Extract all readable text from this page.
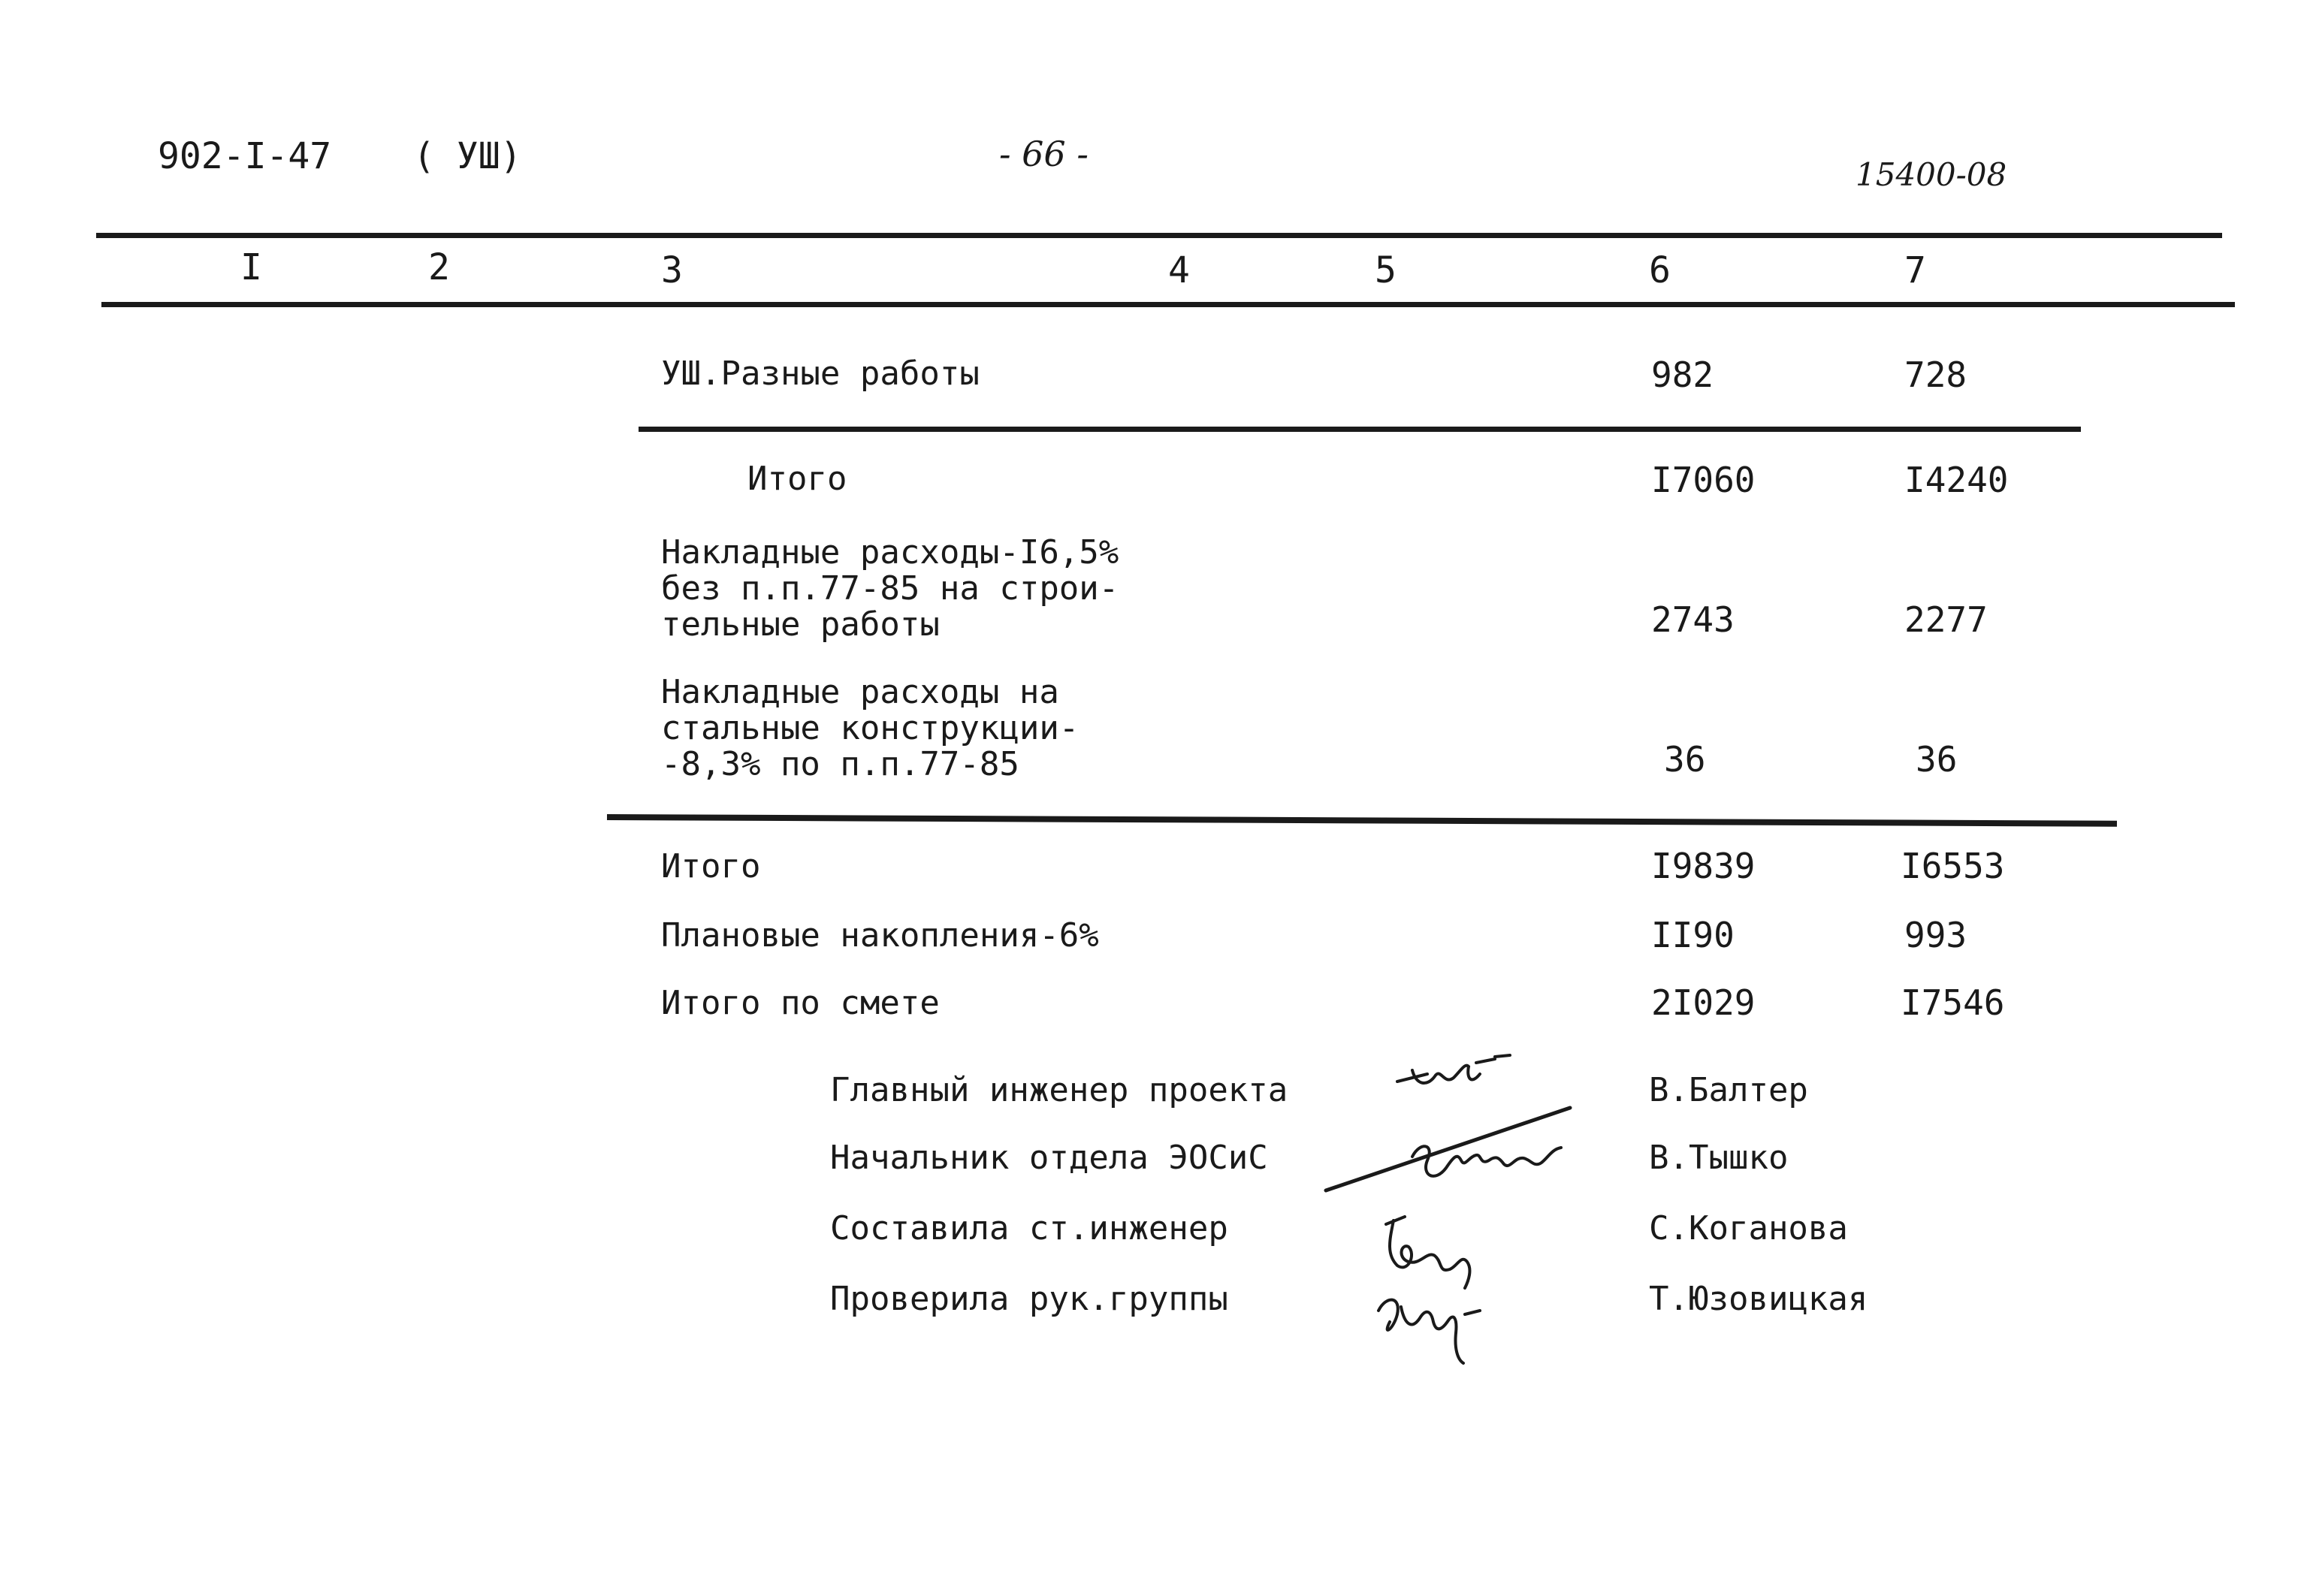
902-I-47 ( УШ)	- 66 -
15400-08
I	2	3	4	5	6	7
УШ.Разные работы	982	728
Итого	I7060	I4240
Накладные расходы-I6,5%
без п.п.77-85 на строи-
тельные работы	2743	2277
Накладные расходы на
стальные конструкции-
-8,3% по п.п.77-85	36	36
Итого	I9839	I6553
Плановые накопления-6%	II90	993
Итого по смете	2I029	I7546
Главный инженер проекта	В.Балтер
Начальник отдела ЭОСиС	В.Тышко
Составила ст.инженер	С.Коганова
Проверила рук.группы	Т.Юзовицкая
